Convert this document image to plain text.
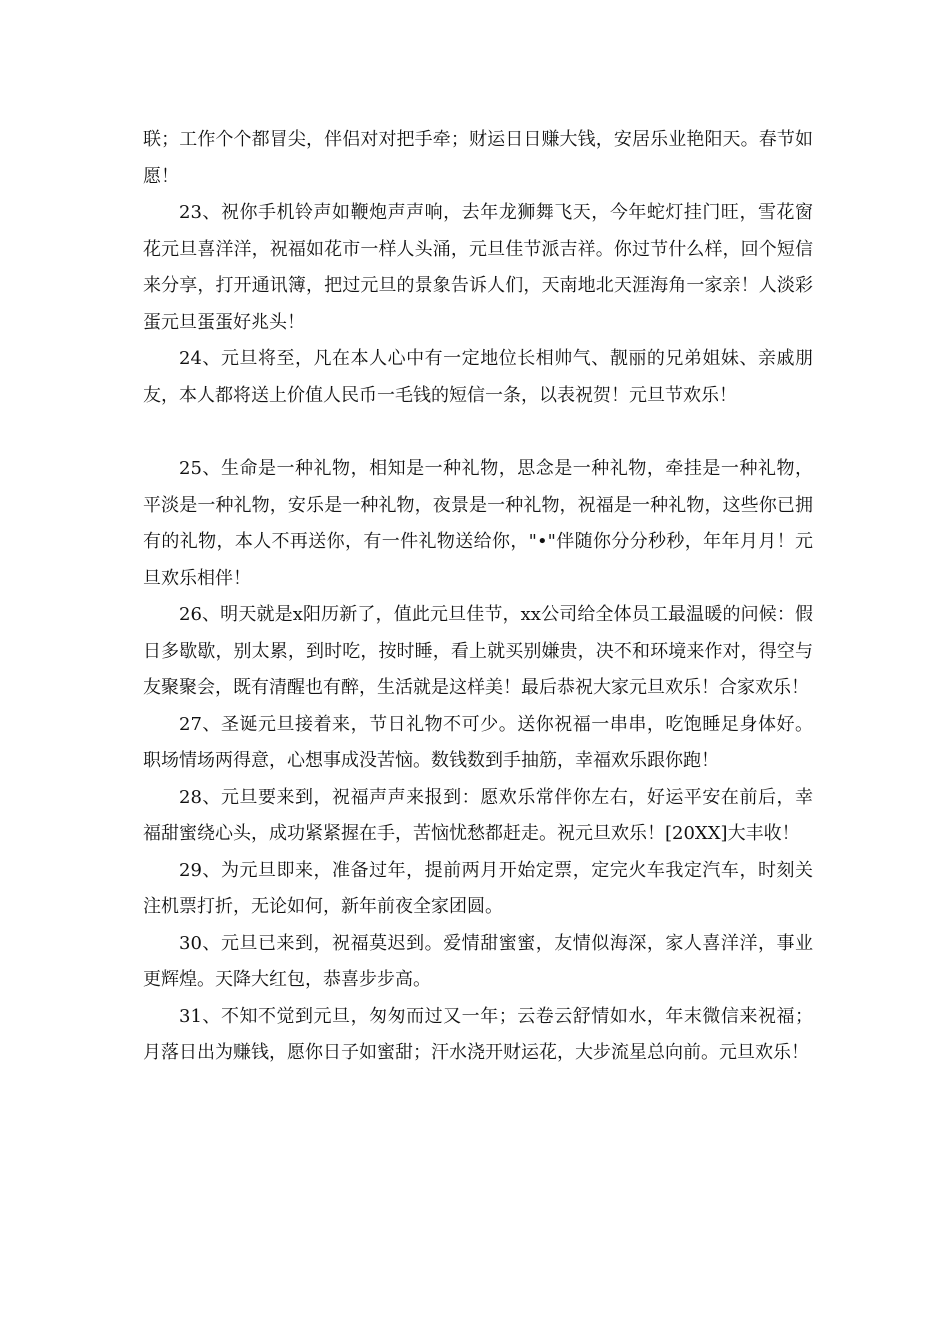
联；工作个个都冒尖，伴侣对对把手牵；财运日日赚大钱，安居乐业艳阳天。春节如愿！

23、祝你手机铃声如鞭炮声声响，去年龙狮舞飞天，今年蛇灯挂门旺，雪花窗花元旦喜洋洋，祝福如花市一样人头涌，元旦佳节派吉祥。你过节什么样，回个短信来分享，打开通讯簿，把过元旦的景象告诉人们，天南地北天涯海角一家亲！人淡彩蛋元旦蛋蛋好兆头！

24、元旦将至，凡在本人心中有一定地位长相帅气、靓丽的兄弟姐妹、亲戚朋友，本人都将送上价值人民币一毛钱的短信一条，以表祝贺！元旦节欢乐！

25、生命是一种礼物，相知是一种礼物，思念是一种礼物，牵挂是一种礼物，平淡是一种礼物，安乐是一种礼物，夜景是一种礼物，祝福是一种礼物，这些你已拥有的礼物，本人不再送你，有一件礼物送给你，"•"伴随你分分秒秒，年年月月！元旦欢乐相伴！

26、明天就是x阳历新了，值此元旦佳节，xx公司给全体员工最温暖的问候：假日多歇歇，别太累，到时吃，按时睡，看上就买别嫌贵，决不和环境来作对，得空与友聚聚会，既有清醒也有醉，生活就是这样美！最后恭祝大家元旦欢乐！合家欢乐！

27、圣诞元旦接着来，节日礼物不可少。送你祝福一串串，吃饱睡足身体好。职场情场两得意，心想事成没苦恼。数钱数到手抽筋，幸福欢乐跟你跑！

28、元旦要来到，祝福声声来报到：愿欢乐常伴你左右，好运平安在前后，幸福甜蜜绕心头，成功紧紧握在手，苦恼忧愁都赶走。祝元旦欢乐！[20XX]大丰收！

29、为元旦即来，准备过年，提前两月开始定票，定完火车我定汽车，时刻关注机票打折，无论如何，新年前夜全家团圆。

30、元旦已来到，祝福莫迟到。爱情甜蜜蜜，友情似海深，家人喜洋洋，事业更辉煌。天降大红包，恭喜步步高。

31、不知不觉到元旦，匆匆而过又一年；云卷云舒情如水，年末微信来祝福；月落日出为赚钱，愿你日子如蜜甜；汗水浇开财运花，大步流星总向前。元旦欢乐！
